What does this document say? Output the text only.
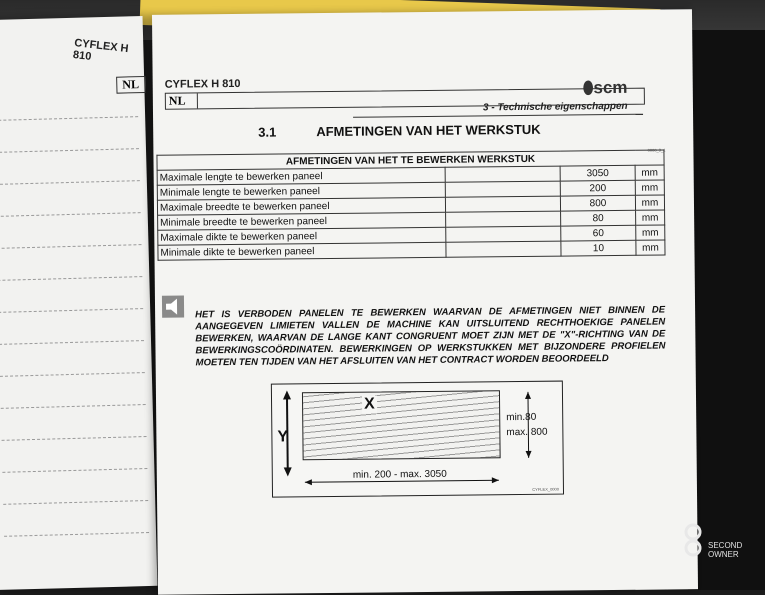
CYFLEX H 810
NL	CYFLEX H 810	⬮scm
NL	3 - Technische eigenschappen
3.1	AFMETINGEN VAN HET WERKSTUK
0000_3_1
AFMETINGEN VAN HET TE BEWERKEN WERKSTUK			
Maximale lengte te bewerken paneel		3050	mm
Minimale lengte te bewerken paneel		200	mm
Maximale breedte te bewerken paneel		800	mm
Minimale breedte te bewerken paneel		80	mm
Maximale dikte te bewerken paneel		60	mm
Minimale dikte te bewerken paneel		10	mm
HET IS VERBODEN PANELEN TE BEWERKEN WAARVAN DE AFMETINGEN NIET BINNEN DE AANGEGEVEN LIMIETEN VALLEN DE MACHINE KAN UITSLUITEND RECHTHOEKIGE PANELEN BEWERKEN, WAARVAN DE LANGE KANT CONGRUENT MOET ZIJN MET DE "X"-RICHTING VAN DE BEWERKINGSCOÖRDINATEN. BEWERKINGEN OP WERKSTUKKEN MET BIJZONDERE PROFIELEN MOETEN TEN TIJDEN VAN HET AFSLUITEN VAN HET CONTRACT WORDEN BEOORDEELD
X
Y
min.80
max. 800
min. 200 - max. 3050
CYFLEX_0000
SECOND
OWNER
